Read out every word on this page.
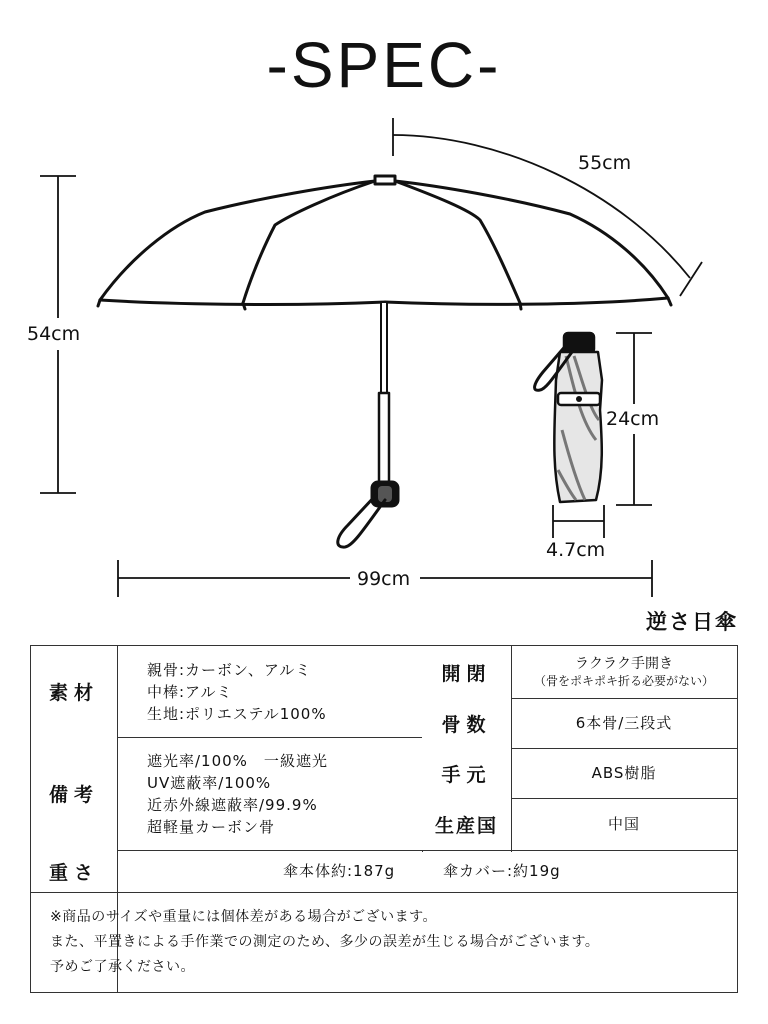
-SPEC-
55cm
54cm
24cm
4.7cm
99cm
逆さ日傘
素材
親骨:カーボン、アルミ
中棒:アルミ
生地:ポリエステル100%
備考
遮光率/100%　一級遮光
UV遮蔽率/100%
近赤外線遮蔽率/99.9%
超軽量カーボン骨
開閉	ラクラク手開き
（骨をポキポキ折る必要がない）
骨数	6本骨/三段式
手元	ABS樹脂
生産国	中国
重さ	傘本体約:187g	傘カバー:約19g
※商品のサイズや重量には個体差がある場合がございます。
また、平置きによる手作業での測定のため、多少の誤差が生じる場合がございます。
予めご了承ください。
